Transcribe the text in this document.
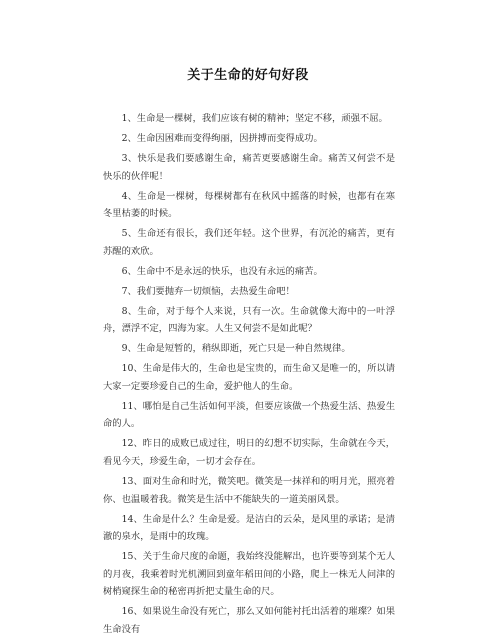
关于生命的好句好段

1、生命是一棵树，我们应该有树的精神；坚定不移，顽强不屈。

2、生命因困难而变得绚丽，因拼搏而变得成功。

3、快乐是我们要感谢生命，痛苦更要感谢生命。痛苦又何尝不是快乐的伙伴呢！

4、生命是一棵树，每棵树都有在秋风中摇落的时候，也都有在寒冬里枯萎的时候。

5、生命还有很长，我们还年轻。这个世界，有沉沦的痛苦，更有苏醒的欢欣。

6、生命中不是永远的快乐，也没有永远的痛苦。

7、我们要抛弃一切烦恼，去热爱生命吧！

8、生命，对于每个人来说，只有一次。生命就像大海中的一叶浮舟，漂浮不定，四海为家。人生又何尝不是如此呢？

9、生命是短暂的，稍纵即逝，死亡只是一种自然规律。

10、生命是伟大的，生命也是宝贵的，而生命又是唯一的，所以请大家一定要珍爱自己的生命，爱护他人的生命。

11、哪怕是自己生活如何平淡，但要应该做一个热爱生活、热爱生命的人。

12、昨日的成败已成过往，明日的幻想不切实际，生命就在今天，看见今天，珍爱生命，一切才会存在。

13、面对生命和时光，微笑吧。微笑是一抹祥和的明月光，照亮着你、也温暖着我。微笑是生活中不能缺失的一道美丽风景。

14、生命是什么？生命是爱。是洁白的云朵，是风里的承诺；是清澈的泉水，是雨中的玫瑰。

15、关于生命尺度的命题，我始终没能解出，也许要等到某个无人的月夜，我乘着时光机溯回到童年稻田间的小路，爬上一株无人问津的树梢窥探生命的秘密再折把丈量生命的尺。

16、如果说生命没有死亡，那么又如何能衬托出活着的璀璨？如果生命没有
